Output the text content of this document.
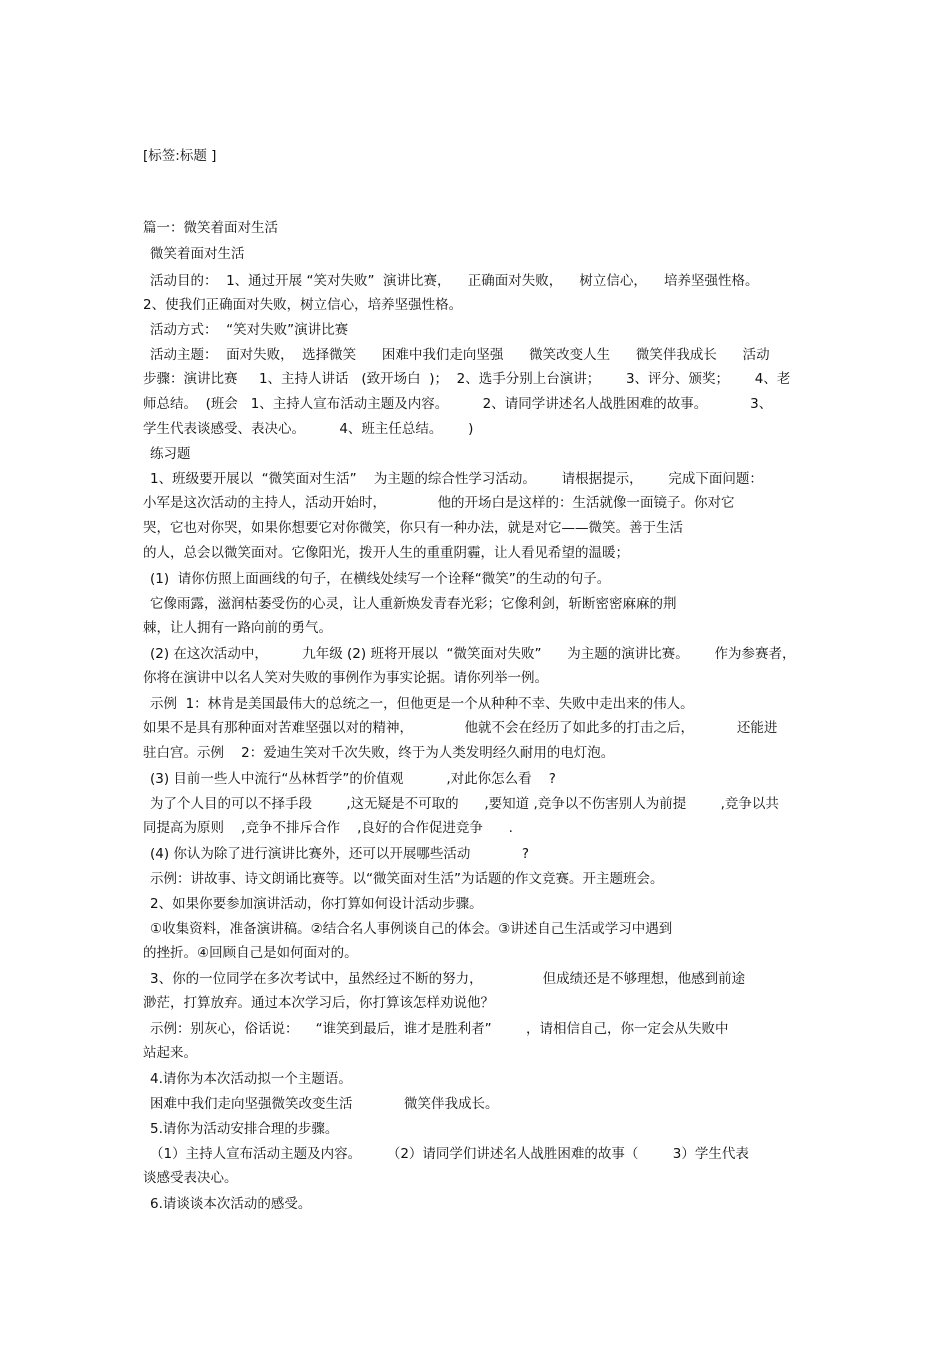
[标签:标题 ]
篇一：微笑着面对生活
微笑着面对生活
活动目的：  1、通过开展 “笑对失败”  演讲比赛，    正确面对失败，    树立信心，    培养坚强性格。
2、使我们正确面对失败，树立信心，培养坚强性格。
活动方式：  “笑对失败”演讲比赛
活动主题：  面对失败，  选择微笑      困难中我们走向坚强      微笑改变人生      微笑伴我成长      活动
步骤：演讲比赛     1、主持人讲话   (致开场白  )；  2、选手分别上台演讲；      3、评分、颁奖；      4、老
师总结。  (班会   1、主持人宣布活动主题及内容。        2、请同学讲述名人战胜困难的故事。          3、
学生代表谈感受、表决心。        4、班主任总结。      )
练习题
1、班级要开展以  “微笑面对生活”    为主题的综合性学习活动。      请根据提示，      完成下面问题：
小军是这次活动的主持人，活动开始时，            他的开场白是这样的：生活就像一面镜子。你对它
哭，它也对你哭，如果你想要它对你微笑，你只有一种办法，就是对它——微笑。善于生活
的人，总会以微笑面对。它像阳光，拨开人生的重重阴霾，让人看见希望的温暖；
(1)  请你仿照上面画线的句子，在横线处续写一个诠释“微笑”的生动的句子。
它像雨露，滋润枯萎受伤的心灵，让人重新焕发青春光彩；它像利剑，斩断密密麻麻的荆
棘，让人拥有一路向前的勇气。
(2) 在这次活动中，        九年级 (2) 班将开展以  “微笑面对失败”      为主题的演讲比赛。      作为参赛者，
你将在演讲中以名人笑对失败的事例作为事实论据。请你列举一例。
示例  1：林肯是美国最伟大的总统之一，但他更是一个从种种不幸、失败中走出来的伟人。
如果不是具有那种面对苦难坚强以对的精神，            他就不会在经历了如此多的打击之后，          还能进
驻白宫。示例    2：爱迪生笑对千次失败，终于为人类发明经久耐用的电灯泡。
(3) 目前一些人中流行“丛林哲学”的价值观          ,对此你怎么看    ?
为了个人目的可以不择手段        ,这无疑是不可取的      ,要知道 ,竞争以不伤害别人为前提        ,竞争以共
同提高为原则    ,竞争不排斥合作    ,良好的合作促进竞争      .
(4) 你认为除了进行演讲比赛外，还可以开展哪些活动            ?
示例：讲故事、诗文朗诵比赛等。以“微笑面对生活”为话题的作文竞赛。开主题班会。
2、如果你要参加演讲活动，你打算如何设计活动步骤。
①收集资料，准备演讲稿。②结合名人事例谈自己的体会。③讲述自己生活或学习中遇到
的挫折。④回顾自己是如何面对的。
3、你的一位同学在多次考试中，虽然经过不断的努力，              但成绩还是不够理想，他感到前途
渺茫，打算放弃。通过本次学习后，你打算该怎样劝说他？
示例：别灰心，俗话说：    “谁笑到最后，谁才是胜利者”        ，请相信自己，你一定会从失败中
站起来。
4.请你为本次活动拟一个主题语。
困难中我们走向坚强微笑改变生活            微笑伴我成长。
5.请你为活动安排合理的步骤。
（1）主持人宣布活动主题及内容。      （2）请同学们讲述名人战胜困难的故事（        3）学生代表
谈感受表决心。
6.请谈谈本次活动的感受。
